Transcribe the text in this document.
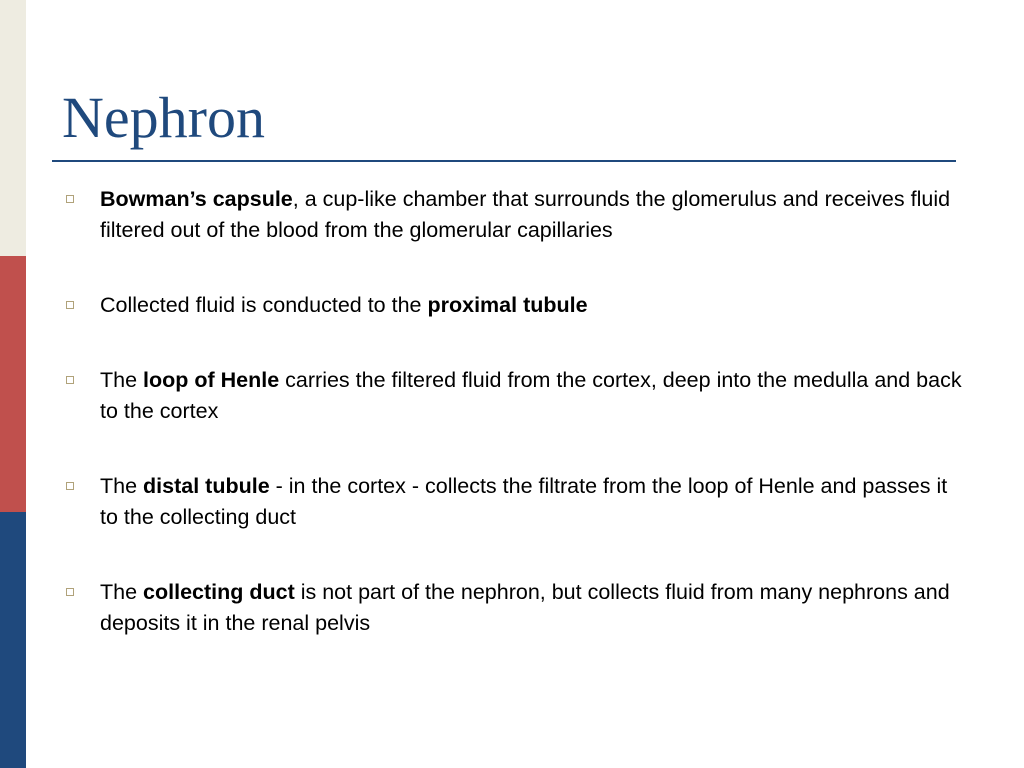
Nephron
Bowman’s capsule, a cup-like chamber that surrounds the glomerulus and receives fluid filtered out of the blood from the glomerular capillaries
Collected fluid is conducted to the proximal tubule
The loop of Henle carries the filtered fluid from the cortex, deep into the medulla and back to the cortex
The distal tubule - in the cortex - collects the filtrate from the loop of Henle and passes it to the collecting duct
The collecting duct is not part of the nephron, but collects fluid from many nephrons and deposits it in the renal pelvis
